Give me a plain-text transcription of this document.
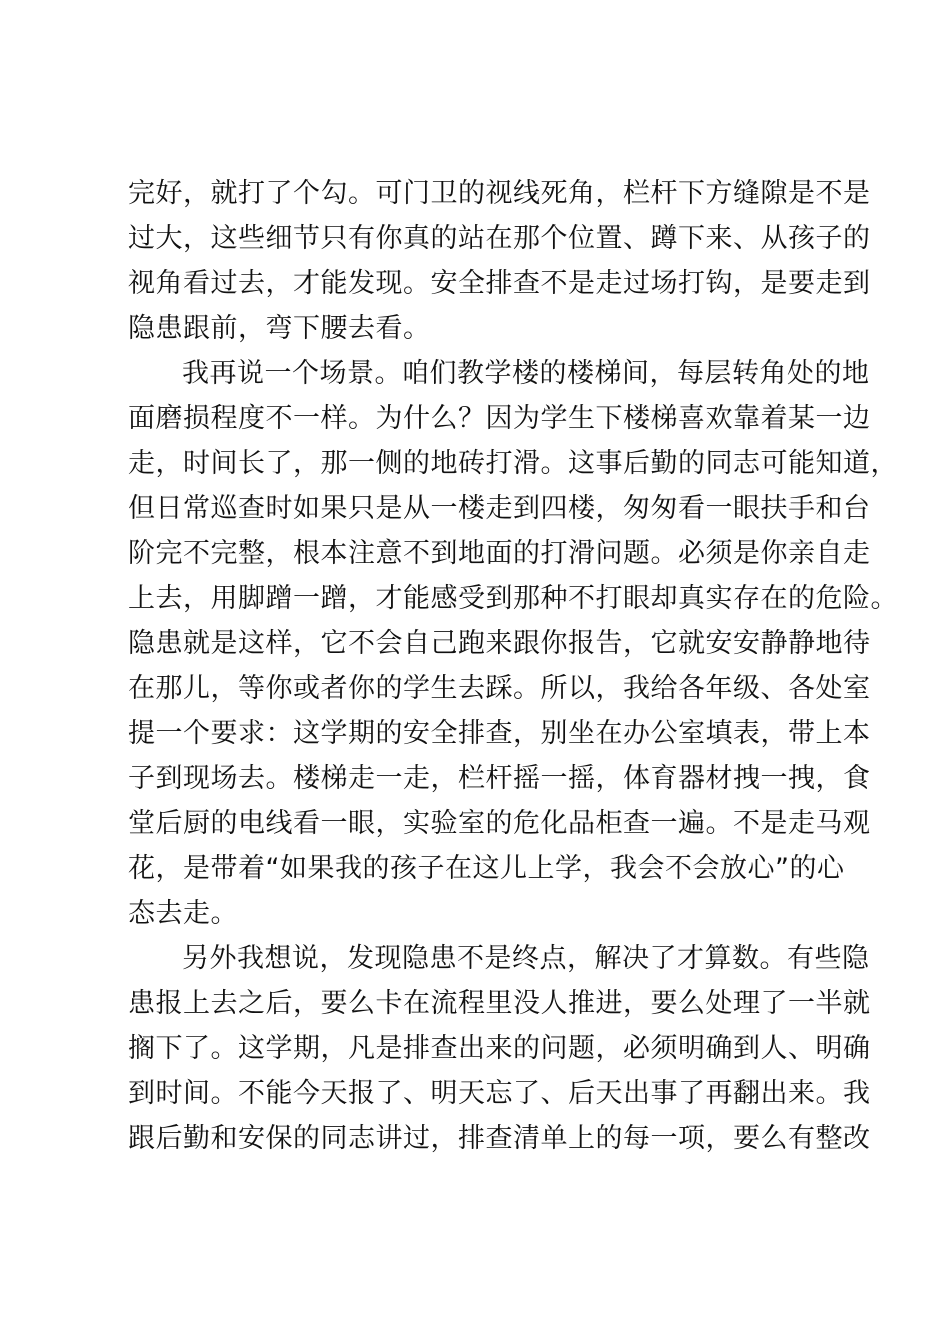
完好，就打了个勾。可门卫的视线死角，栏杆下方缝隙是不是
过大，这些细节只有你真的站在那个位置、蹲下来、从孩子的
视角看过去，才能发现。安全排查不是走过场打钩，是要走到
隐患跟前，弯下腰去看。
我再说一个场景。咱们教学楼的楼梯间，每层转角处的地
面磨损程度不一样。为什么？因为学生下楼梯喜欢靠着某一边
走，时间长了，那一侧的地砖打滑。这事后勤的同志可能知道，
但日常巡查时如果只是从一楼走到四楼，匆匆看一眼扶手和台
阶完不完整，根本注意不到地面的打滑问题。必须是你亲自走
上去，用脚蹭一蹭，才能感受到那种不打眼却真实存在的危险。
隐患就是这样，它不会自己跑来跟你报告，它就安安静静地待
在那儿，等你或者你的学生去踩。所以，我给各年级、各处室
提一个要求：这学期的安全排查，别坐在办公室填表，带上本
子到现场去。楼梯走一走，栏杆摇一摇，体育器材拽一拽，食
堂后厨的电线看一眼，实验室的危化品柜查一遍。不是走马观
花，是带着“如果我的孩子在这儿上学，我会不会放心”的心
态去走。
另外我想说，发现隐患不是终点，解决了才算数。有些隐
患报上去之后，要么卡在流程里没人推进，要么处理了一半就
搁下了。这学期，凡是排查出来的问题，必须明确到人、明确
到时间。不能今天报了、明天忘了、后天出事了再翻出来。我
跟后勤和安保的同志讲过，排查清单上的每一项，要么有整改
